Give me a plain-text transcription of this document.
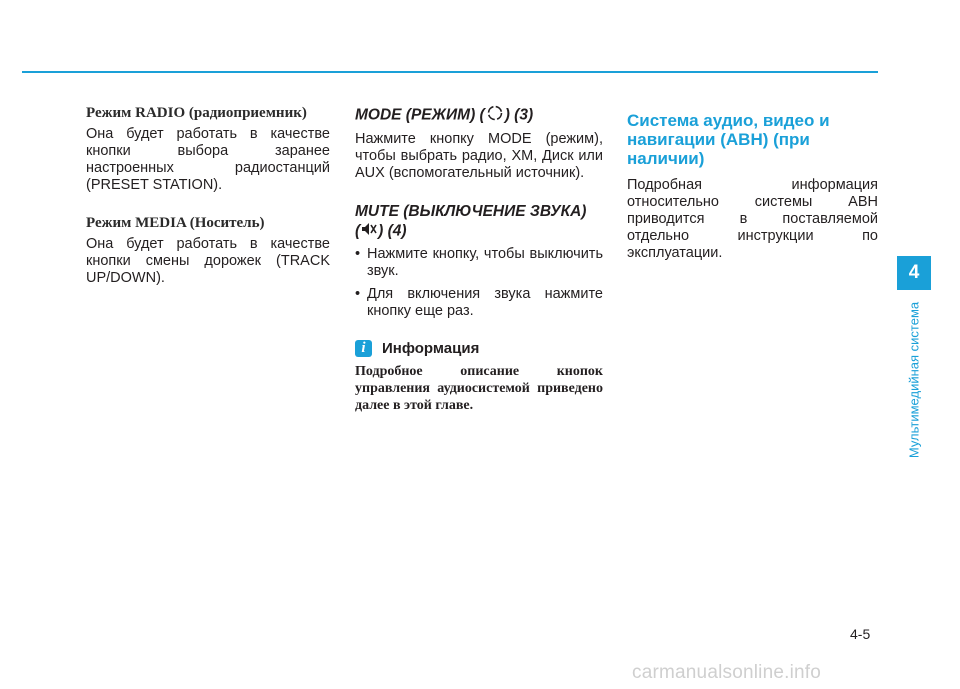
Режим RADIO (радиоприемник)

Она будет работать в качестве кнопки выбора заранее настроенных радиостанций (PRESET STATION).

Режим MEDIA (Носитель)

Она будет работать в качестве кнопки смены дорожек (TRACK UP/DOWN).

MODE (РЕЖИМ) ( ) (3)

Нажмите кнопку MODE (режим), чтобы выбрать радио, XM, Диск или AUX (вспомогательный источник).

MUTE (ВЫКЛЮЧЕНИЕ ЗВУКА)
( ) (4)

• Нажмите кнопку, чтобы выключить звук.
• Для включения звука нажмите кнопку еще раз.
i	Информация

Подробное описание кнопок управления аудиосистемой приведено далее в этой главе.

Система аудио, видео и навигации (AВН) (при наличии)

Подробная информация относительно системы АВН приводится в поставляемой отдельно инструкции по эксплуатации.

4
Мультимедийная система
4-5
carmanualsonline.info
